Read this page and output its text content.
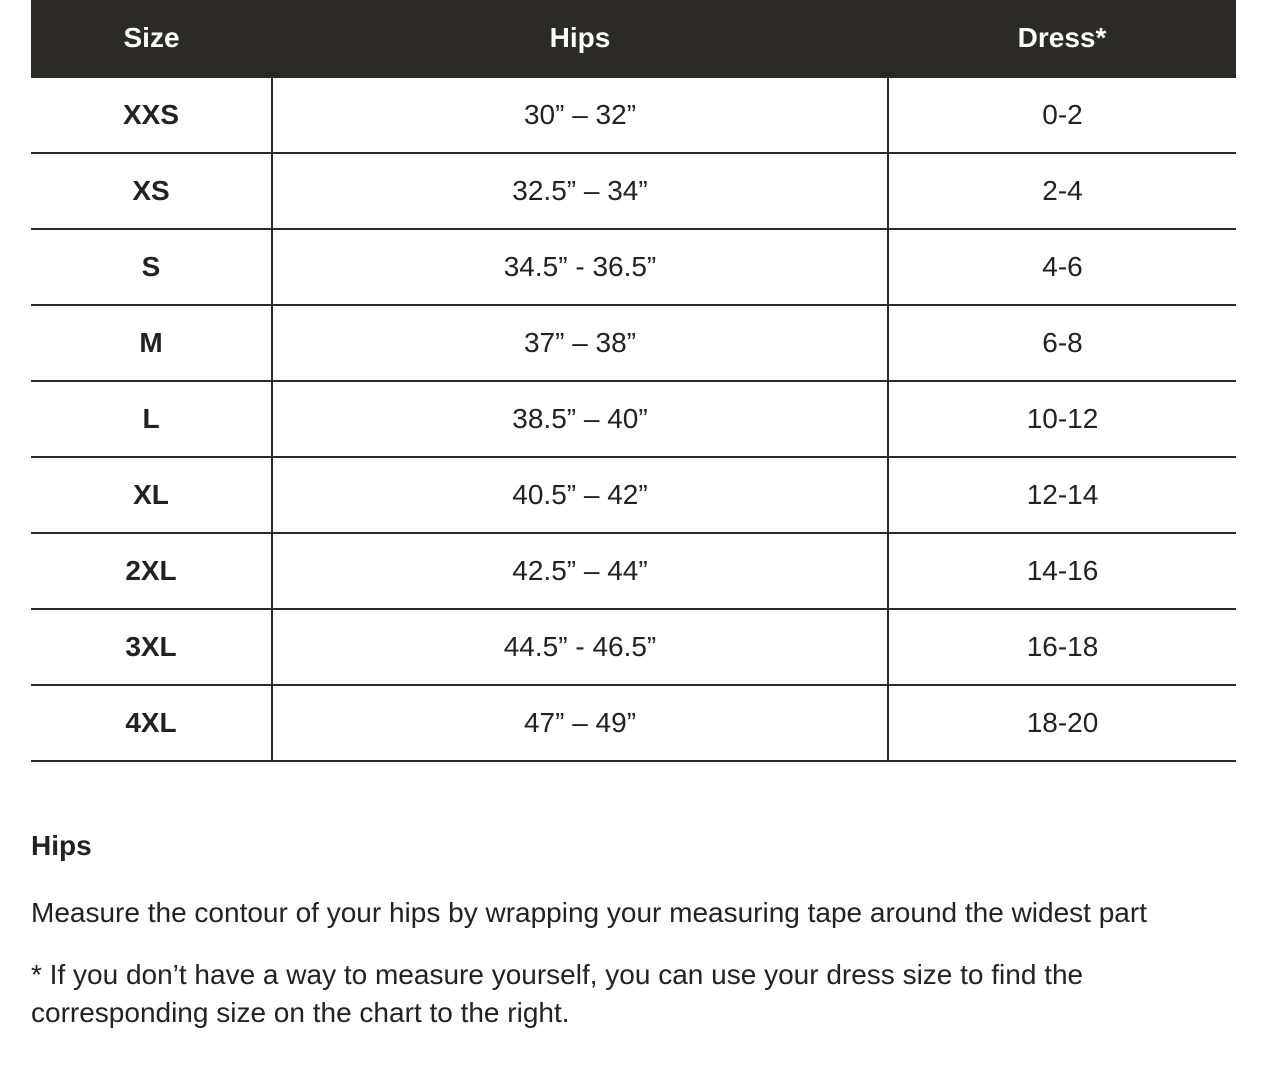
Size	Hips	Dress*
XXS	30” – 32”	0-2
XS	32.5” – 34”	2-4
S	34.5” - 36.5”	4-6
M	37” – 38”	6-8
L	38.5” – 40”	10-12
XL	40.5” – 42”	12-14
2XL	42.5” – 44”	14-16
3XL	44.5” - 46.5”	16-18
4XL	47” – 49”	18-20
Hips
Measure the contour of your hips by wrapping your measuring tape around the widest part
* If you don’t have a way to measure yourself, you can use your dress size to find the corresponding size on the chart to the right.
